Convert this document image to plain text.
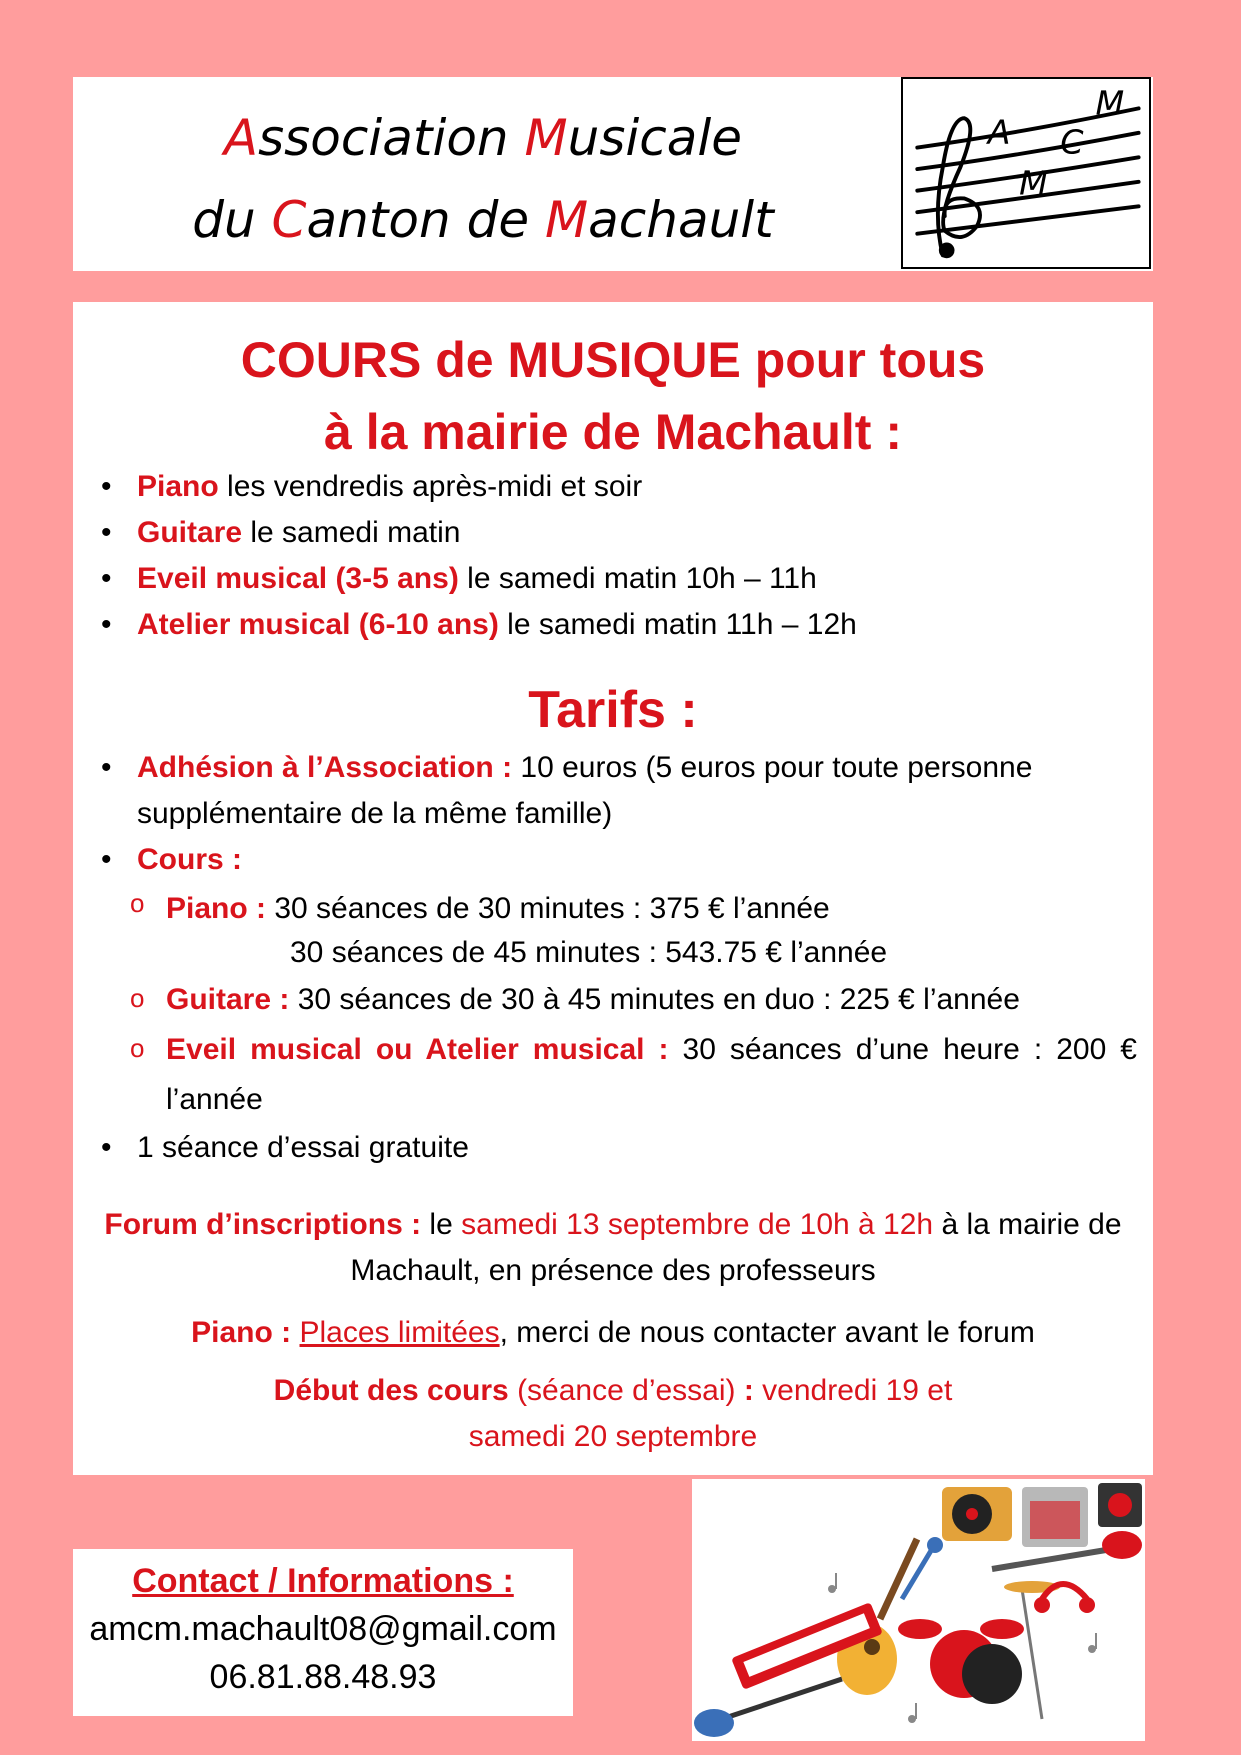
Association Musicale
du Canton de Machault
A C
M
M
COURS de MUSIQUE pour tous
à la mairie de Machault :
• Piano les vendredis après-midi et soir
• Guitare le samedi matin
• Eveil musical (3-5 ans) le samedi matin 10h – 11h
• Atelier musical (6-10 ans) le samedi matin 11h – 12h
Tarifs :
• Adhésion à l’Association : 10 euros (5 euros pour toute personne supplémentaire de la même famille)
• Cours :
o Piano : 30 séances de 30 minutes : 375 € l’année
30 séances de 45 minutes : 543.75 € l’année
o Guitare : 30 séances de 30 à 45 minutes en duo : 225 € l’année
o Eveil musical ou Atelier musical : 30 séances d’une heure : 200 € l’année
• 1 séance d’essai gratuite
Forum d’inscriptions : le samedi 13 septembre de 10h à 12h à la mairie de Machault, en présence des professeurs
Piano : Places limitées, merci de nous contacter avant le forum
Début des cours (séance d’essai) : vendredi 19 et samedi 20 septembre
Contact / Informations :
amcm.machault08@gmail.com
06.81.88.48.93
